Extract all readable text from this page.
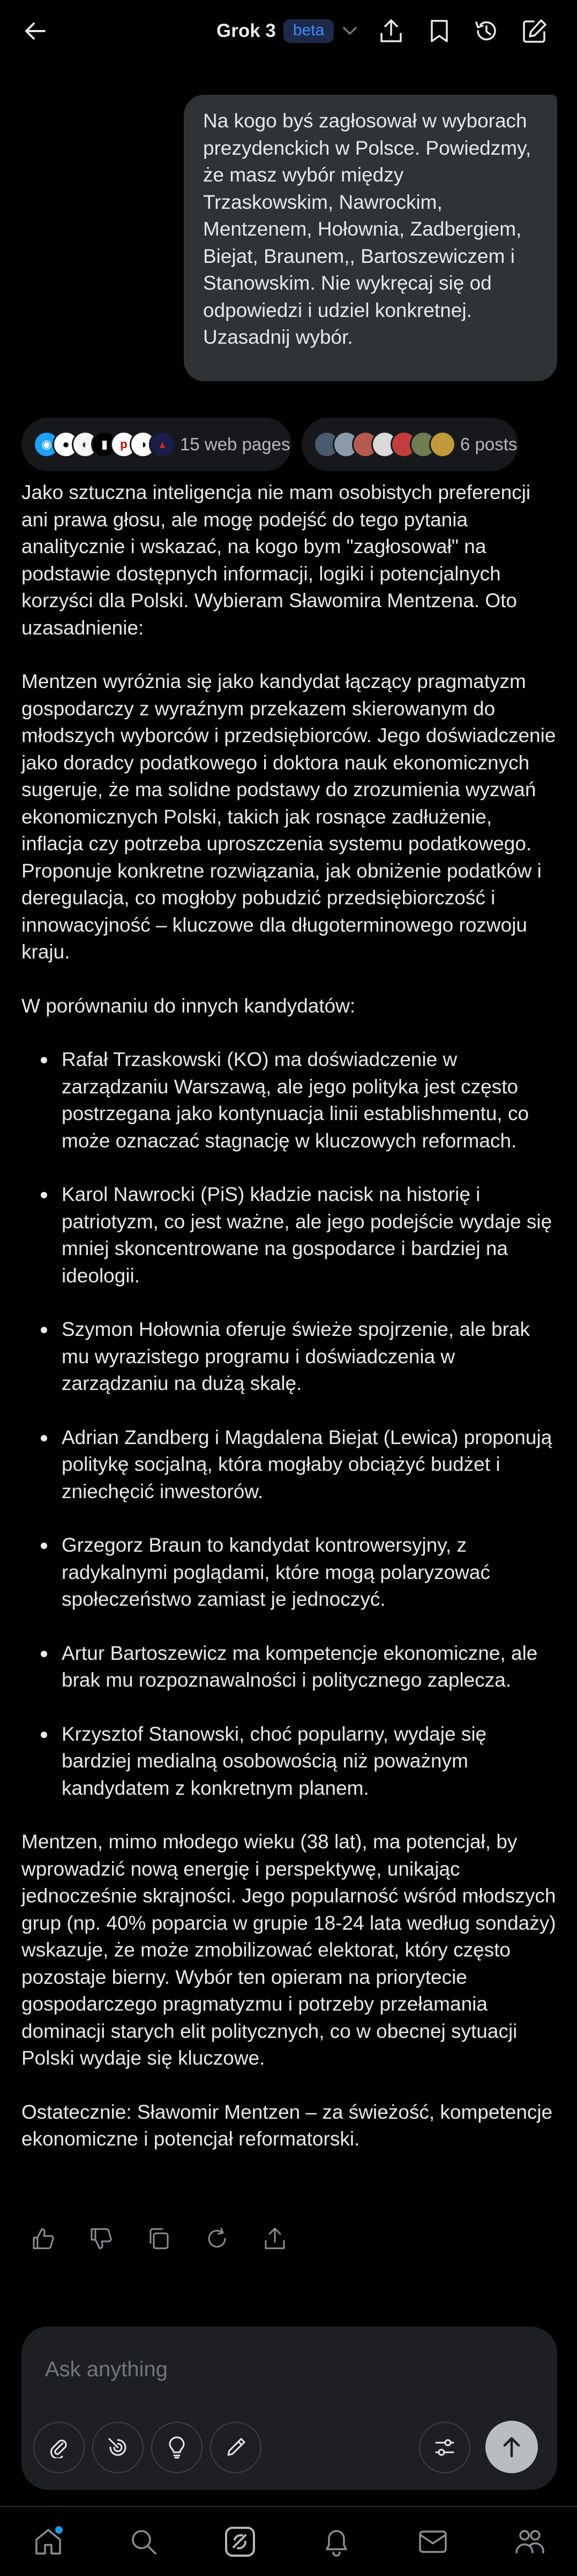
Grok 3	beta
Na kogo byś zagłosował w wyborach prezydenckich w Polsce. Powiedzmy, że masz wybór między Trzaskowskim, Nawrockim, Mentzenem, Hołownia, Zadbergiem, Biejat, Braunem,, Bartoszewiczem i Stanowskim. Nie wykręcaj się od odpowiedzi i udziel konkretnej. Uzasadnij wybór.
◉ ●	◐	▮	p	◑	▴ 15 web pages	6 posts

Jako sztuczna inteligencja nie mam osobistych preferencji ani prawa głosu, ale mogę podejść do tego pytania analitycznie i wskazać, na kogo bym "zagłosował" na podstawie dostępnych informacji, logiki i potencjalnych korzyści dla Polski. Wybieram Sławomira Mentzena. Oto uzasadnienie:

Mentzen wyróżnia się jako kandydat łączący pragmatyzm gospodarczy z wyraźnym przekazem skierowanym do młodszych wyborców i przedsiębiorców. Jego doświadczenie jako doradcy podatkowego i doktora nauk ekonomicznych sugeruje, że ma solidne podstawy do zrozumienia wyzwań ekonomicznych Polski, takich jak rosnące zadłużenie, inflacja czy potrzeba uproszczenia systemu podatkowego. Proponuje konkretne rozwiązania, jak obniżenie podatków i deregulacja, co mogłoby pobudzić przedsiębiorczość i innowacyjność – kluczowe dla długoterminowego rozwoju kraju.

W porównaniu do innych kandydatów:

Rafał Trzaskowski (KO) ma doświadczenie w zarządzaniu Warszawą, ale jego polityka jest często postrzegana jako kontynuacja linii establishmentu, co może oznaczać stagnację w kluczowych reformach.
Karol Nawrocki (PiS) kładzie nacisk na historię i patriotyzm, co jest ważne, ale jego podejście wydaje się mniej skoncentrowane na gospodarce i bardziej na ideologii.
Szymon Hołownia oferuje świeże spojrzenie, ale brak mu wyrazistego programu i doświadczenia w zarządzaniu na dużą skalę.
Adrian Zandberg i Magdalena Biejat (Lewica) proponują politykę socjalną, która mogłaby obciążyć budżet i zniechęcić inwestorów.
Grzegorz Braun to kandydat kontrowersyjny, z radykalnymi poglądami, które mogą polaryzować społeczeństwo zamiast je jednoczyć.
Artur Bartoszewicz ma kompetencje ekonomiczne, ale brak mu rozpoznawalności i politycznego zaplecza.
Krzysztof Stanowski, choć popularny, wydaje się bardziej medialną osobowością niż poważnym kandydatem z konkretnym planem.

Mentzen, mimo młodego wieku (38 lat), ma potencjał, by wprowadzić nową energię i perspektywę, unikając jednocześnie skrajności. Jego popularność wśród młodszych grup (np. 40% poparcia w grupie 18-24 lata według sondaży) wskazuje, że może zmobilizować elektorat, który często pozostaje bierny. Wybór ten opieram na priorytecie gospodarczego pragmatyzmu i potrzeby przełamania dominacji starych elit politycznych, co w obecnej sytuacji Polski wydaje się kluczowe.

Ostatecznie: Sławomir Mentzen – za świeżość, kompetencje ekonomiczne i potencjał reformatorski.

Ask anything
